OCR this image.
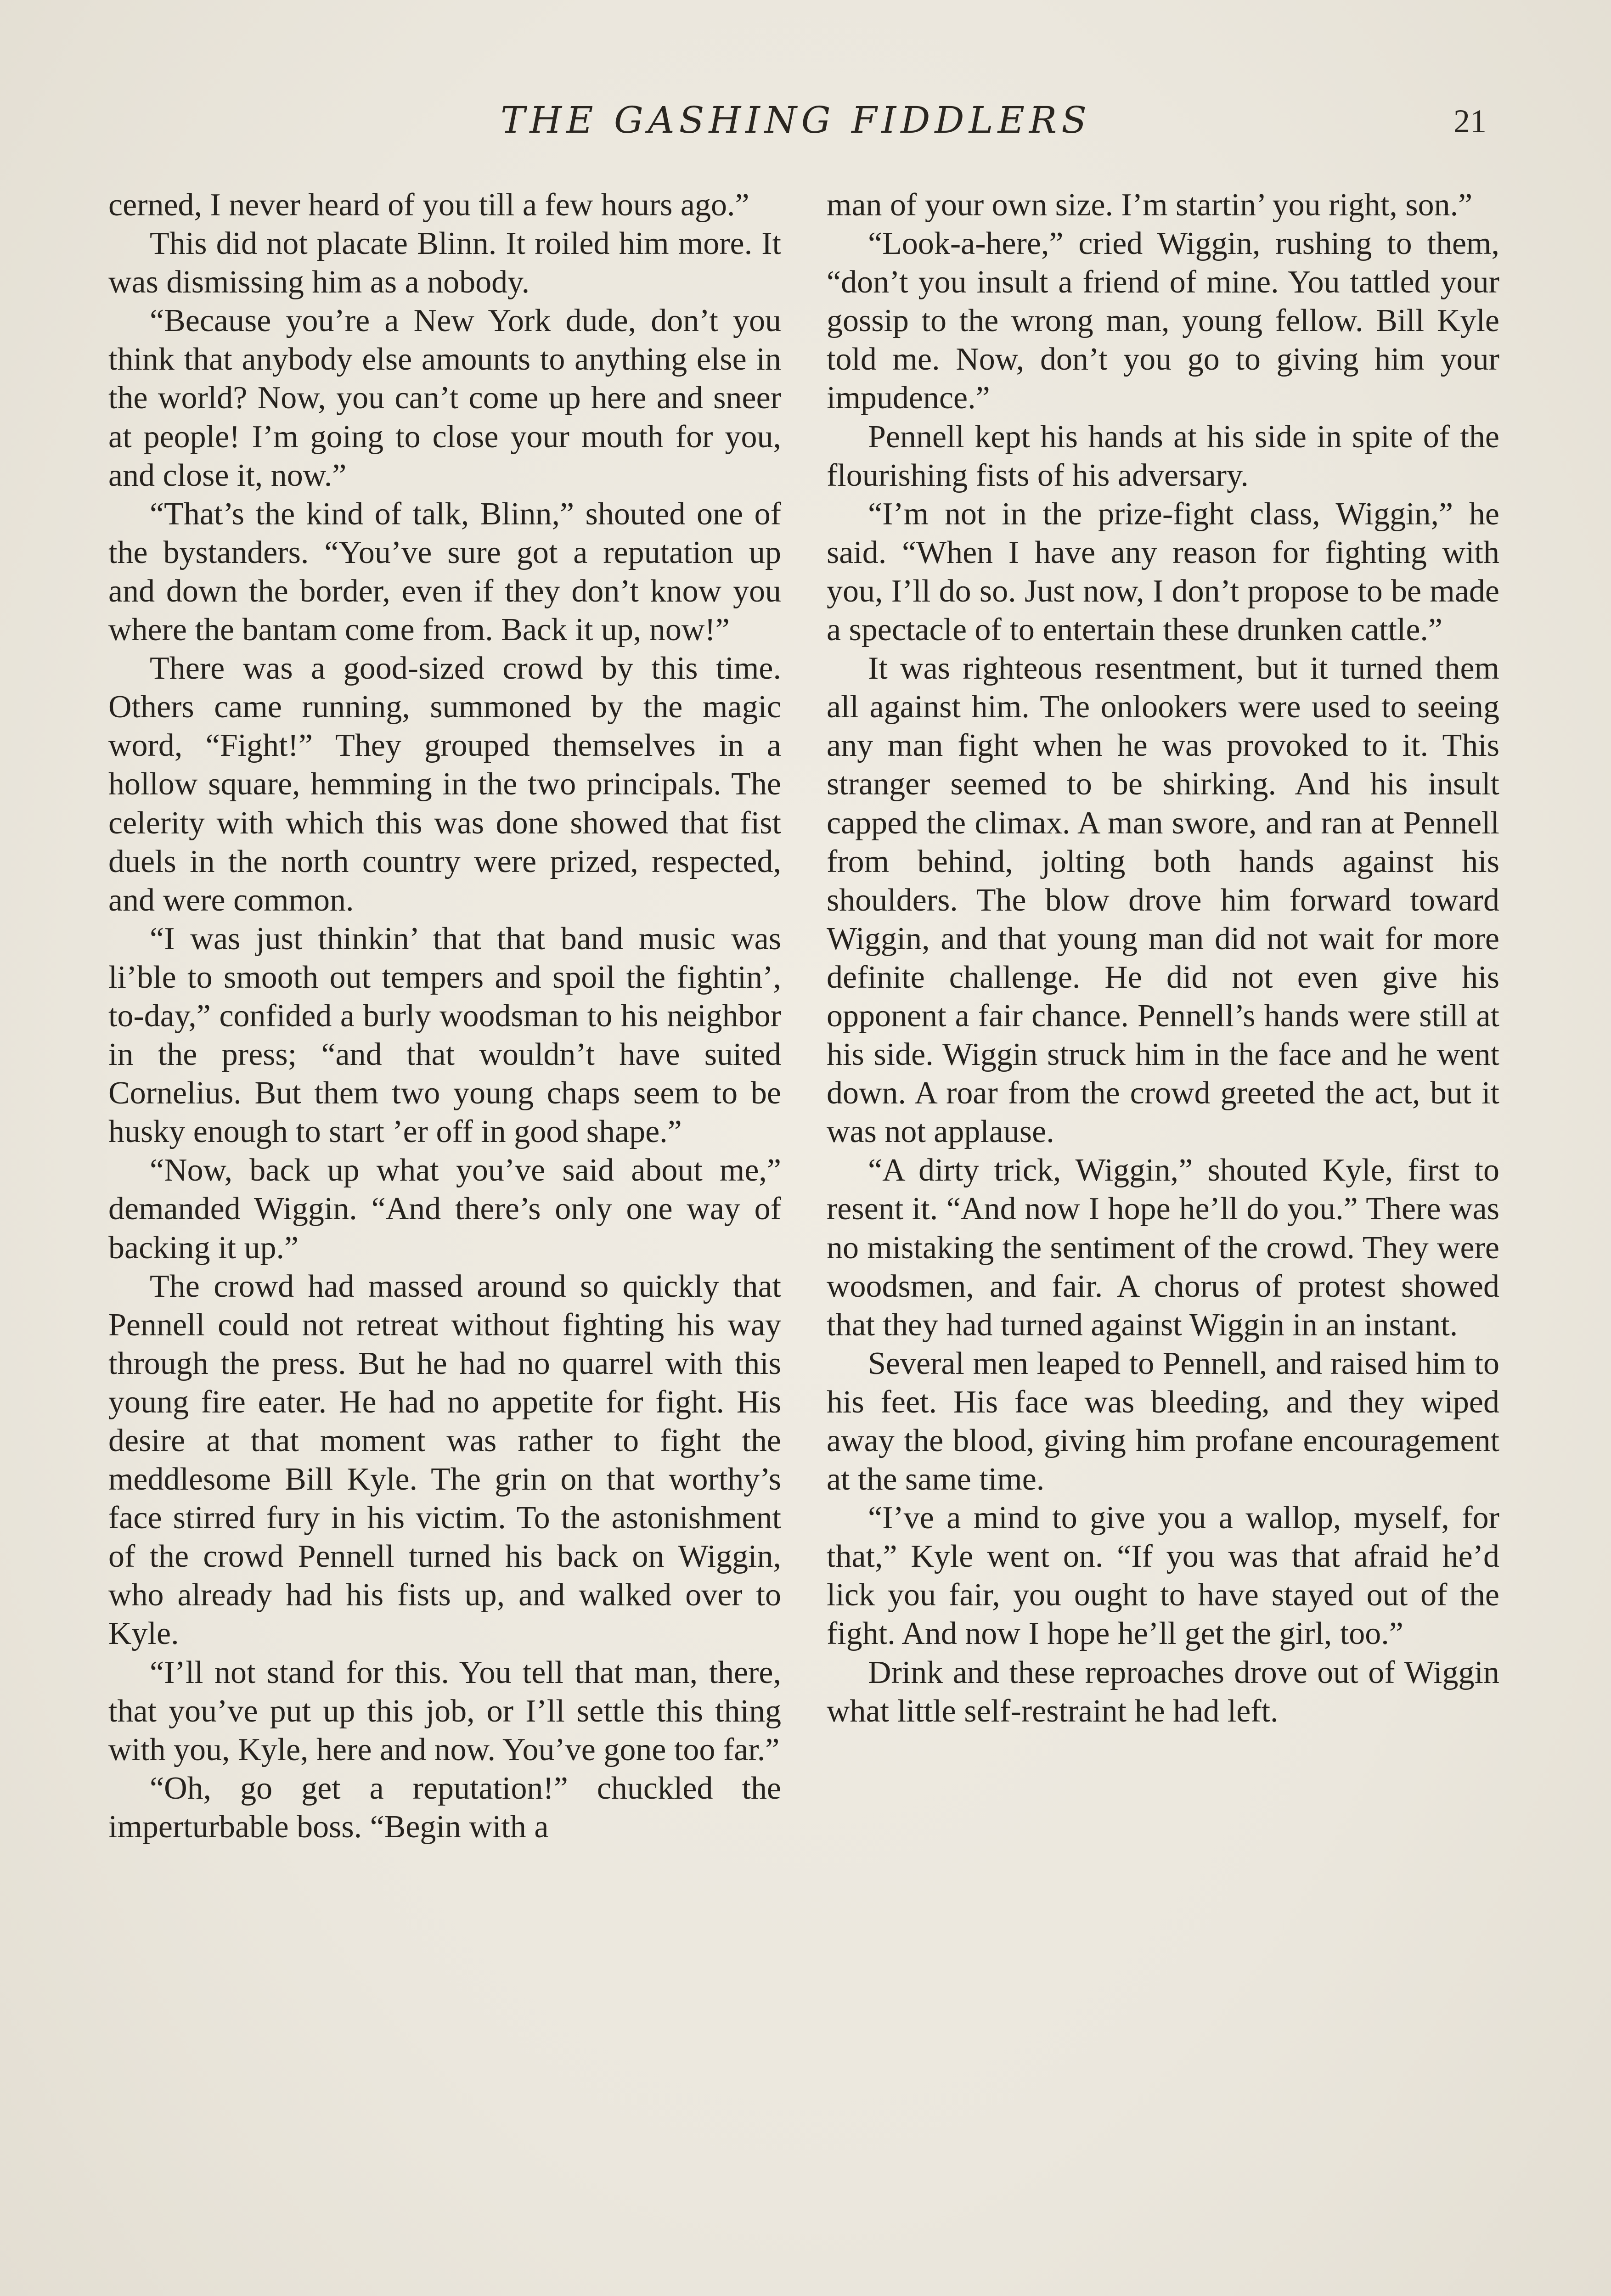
THE GASHING FIDDLERS	21

cerned, I never heard of you till a few hours ago.”

This did not placate Blinn. It roiled him more. It was dismissing him as a nobody.

“Because you’re a New York dude, don’t you think that anybody else amounts to anything else in the world? Now, you can’t come up here and sneer at people! I’m going to close your mouth for you, and close it, now.”

“That’s the kind of talk, Blinn,” shouted one of the bystanders. “You’ve sure got a reputation up and down the border, even if they don’t know you where the bantam come from. Back it up, now!”

There was a good-sized crowd by this time. Others came running, summoned by the magic word, “Fight!” They grouped themselves in a hollow square, hemming in the two principals. The celerity with which this was done showed that fist duels in the north country were prized, respected, and were common.

“I was just thinkin’ that that band music was li’ble to smooth out tempers and spoil the fightin’, to-day,” confided a burly woodsman to his neighbor in the press; “and that wouldn’t have suited Cornelius. But them two young chaps seem to be husky enough to start ’er off in good shape.”

“Now, back up what you’ve said about me,” demanded Wiggin. “And there’s only one way of backing it up.”

The crowd had massed around so quickly that Pennell could not retreat without fighting his way through the press. But he had no quarrel with this young fire eater. He had no appetite for fight. His desire at that moment was rather to fight the meddlesome Bill Kyle. The grin on that worthy’s face stirred fury in his victim. To the astonishment of the crowd Pennell turned his back on Wiggin, who already had his fists up, and walked over to Kyle.

“I’ll not stand for this. You tell that man, there, that you’ve put up this job, or I’ll settle this thing with you, Kyle, here and now. You’ve gone too far.”

“Oh, go get a reputation!” chuckled the imperturbable boss. “Begin with a

man of your own size. I’m startin’ you right, son.”

“Look-a-here,” cried Wiggin, rushing to them, “don’t you insult a friend of mine. You tattled your gossip to the wrong man, young fellow. Bill Kyle told me. Now, don’t you go to giving him your impudence.”

Pennell kept his hands at his side in spite of the flourishing fists of his adversary.

“I’m not in the prize-fight class, Wiggin,” he said. “When I have any reason for fighting with you, I’ll do so. Just now, I don’t propose to be made a spectacle of to entertain these drunken cattle.”

It was righteous resentment, but it turned them all against him. The onlookers were used to seeing any man fight when he was provoked to it. This stranger seemed to be shirking. And his insult capped the climax. A man swore, and ran at Pennell from behind, jolting both hands against his shoulders. The blow drove him forward toward Wiggin, and that young man did not wait for more definite challenge. He did not even give his opponent a fair chance. Pennell’s hands were still at his side. Wiggin struck him in the face and he went down. A roar from the crowd greeted the act, but it was not applause.

“A dirty trick, Wiggin,” shouted Kyle, first to resent it. “And now I hope he’ll do you.” There was no mistaking the sentiment of the crowd. They were woodsmen, and fair. A chorus of protest showed that they had turned against Wiggin in an instant.

Several men leaped to Pennell, and raised him to his feet. His face was bleeding, and they wiped away the blood, giving him profane encouragement at the same time.

“I’ve a mind to give you a wallop, myself, for that,” Kyle went on. “If you was that afraid he’d lick you fair, you ought to have stayed out of the fight. And now I hope he’ll get the girl, too.”

Drink and these reproaches drove out of Wiggin what little self-restraint he had left.
